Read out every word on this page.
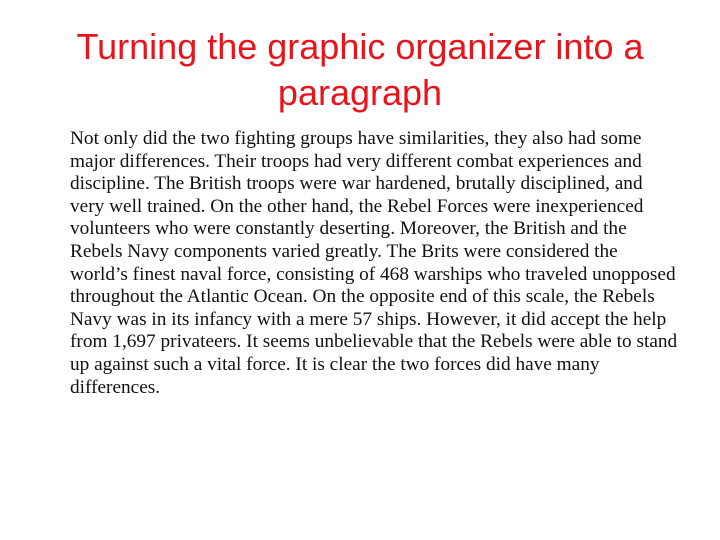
Turning the graphic organizer into a paragraph

Not only did the two fighting groups have similarities, they also had some major differences. Their troops had very different combat experiences and discipline. The British troops were war hardened, brutally disciplined, and very well trained. On the other hand, the Rebel Forces were inexperienced volunteers who were constantly deserting. Moreover, the British and the Rebels Navy components varied greatly. The Brits were considered the world’s finest naval force, consisting of 468 warships who traveled unopposed throughout the Atlantic Ocean. On the opposite end of this scale, the Rebels Navy was in its infancy with a mere 57 ships. However, it did accept the help from 1,697 privateers. It seems unbelievable that the Rebels were able to stand up against such a vital force. It is clear the two forces did have many differences.
